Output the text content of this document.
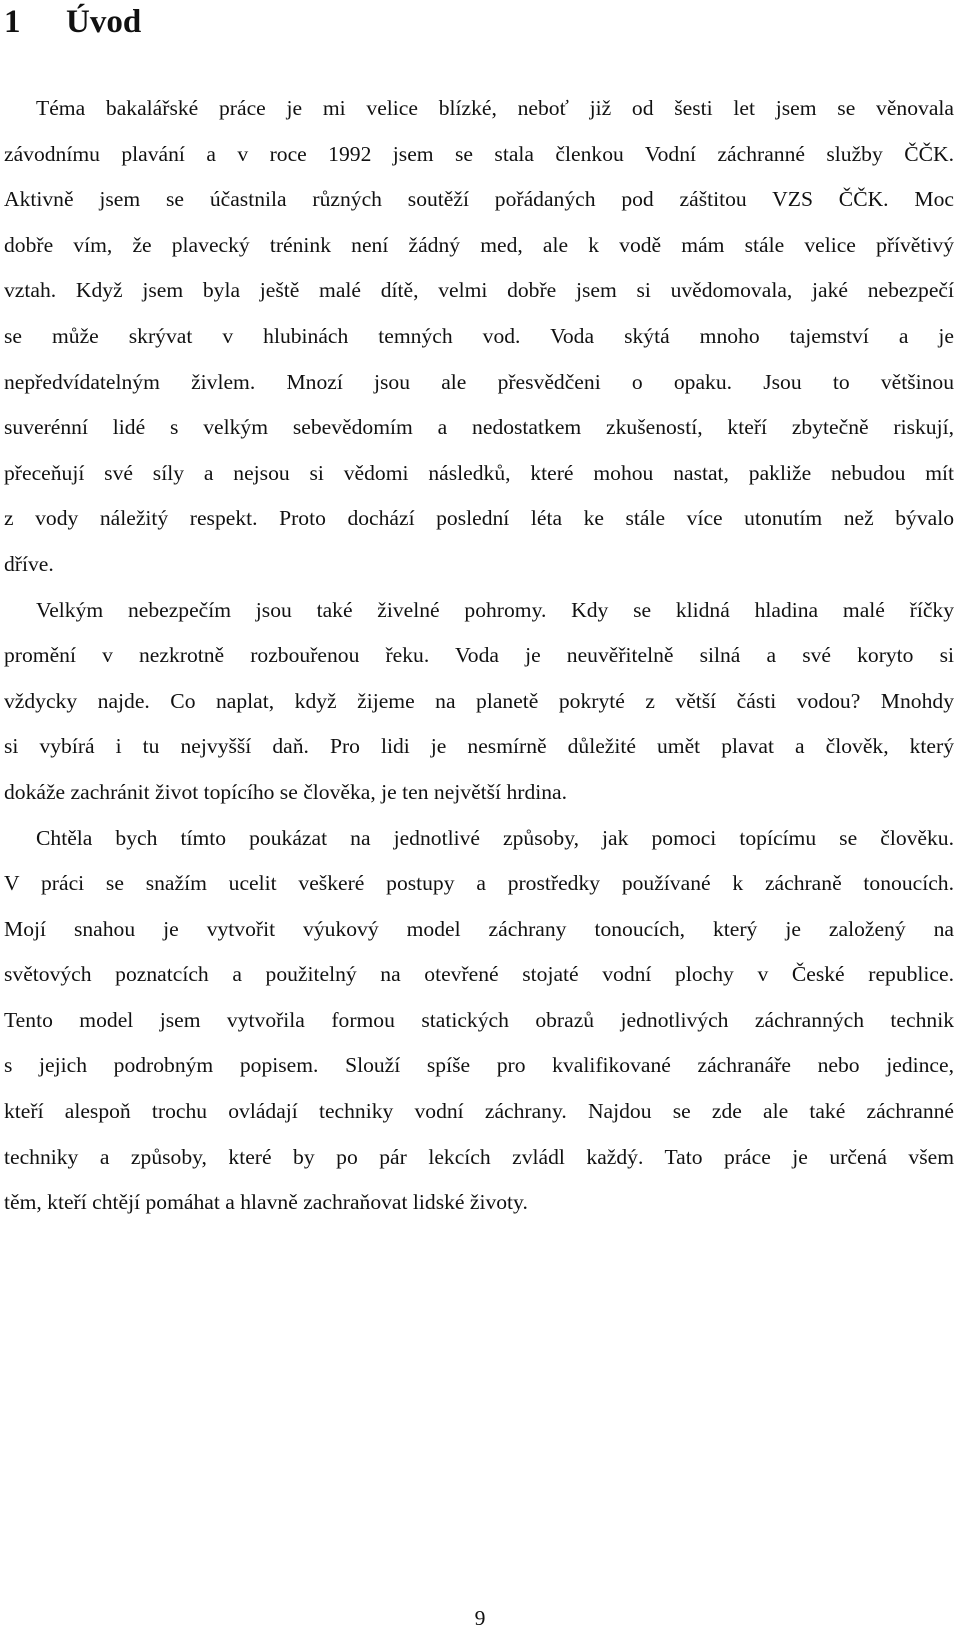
1 Úvod
Téma bakalářské práce je mi velice blízké, neboť již od šesti let jsem se věnovala
závodnímu plavání a v roce 1992 jsem se stala členkou Vodní záchranné služby ČČK.
Aktivně jsem se účastnila různých soutěží pořádaných pod záštitou VZS ČČK. Moc
dobře vím, že plavecký trénink není žádný med, ale k vodě mám stále velice přívětivý
vztah. Když jsem byla ještě malé dítě, velmi dobře jsem si uvědomovala, jaké nebezpečí
se může skrývat v hlubinách temných vod. Voda skýtá mnoho tajemství a je
nepředvídatelným živlem. Mnozí jsou ale přesvědčeni o opaku. Jsou to většinou
suverénní lidé s velkým sebevědomím a nedostatkem zkušeností, kteří zbytečně riskují,
přeceňují své síly a nejsou si vědomi následků, které mohou nastat, pakliže nebudou mít
z vody náležitý respekt. Proto dochází poslední léta ke stále více utonutím než bývalo
dříve.
Velkým nebezpečím jsou také živelné pohromy. Kdy se klidná hladina malé říčky
promění v nezkrotně rozbouřenou řeku. Voda je neuvěřitelně silná a své koryto si
vždycky najde. Co naplat, když žijeme na planetě pokryté z větší části vodou? Mnohdy
si vybírá i tu nejvyšší daň. Pro lidi je nesmírně důležité umět plavat a člověk, který
dokáže zachránit život topícího se člověka, je ten největší hrdina.
Chtěla bych tímto poukázat na jednotlivé způsoby, jak pomoci topícímu se člověku.
V práci se snažím ucelit veškeré postupy a prostředky používané k záchraně tonoucích.
Mojí snahou je vytvořit výukový model záchrany tonoucích, který je založený na
světových poznatcích a použitelný na otevřené stojaté vodní plochy v České republice.
Tento model jsem vytvořila formou statických obrazů jednotlivých záchranných technik
s jejich podrobným popisem. Slouží spíše pro kvalifikované záchranáře nebo jedince,
kteří alespoň trochu ovládají techniky vodní záchrany. Najdou se zde ale také záchranné
techniky a způsoby, které by po pár lekcích zvládl každý. Tato práce je určená všem
těm, kteří chtějí pomáhat a hlavně zachraňovat lidské životy.
9
